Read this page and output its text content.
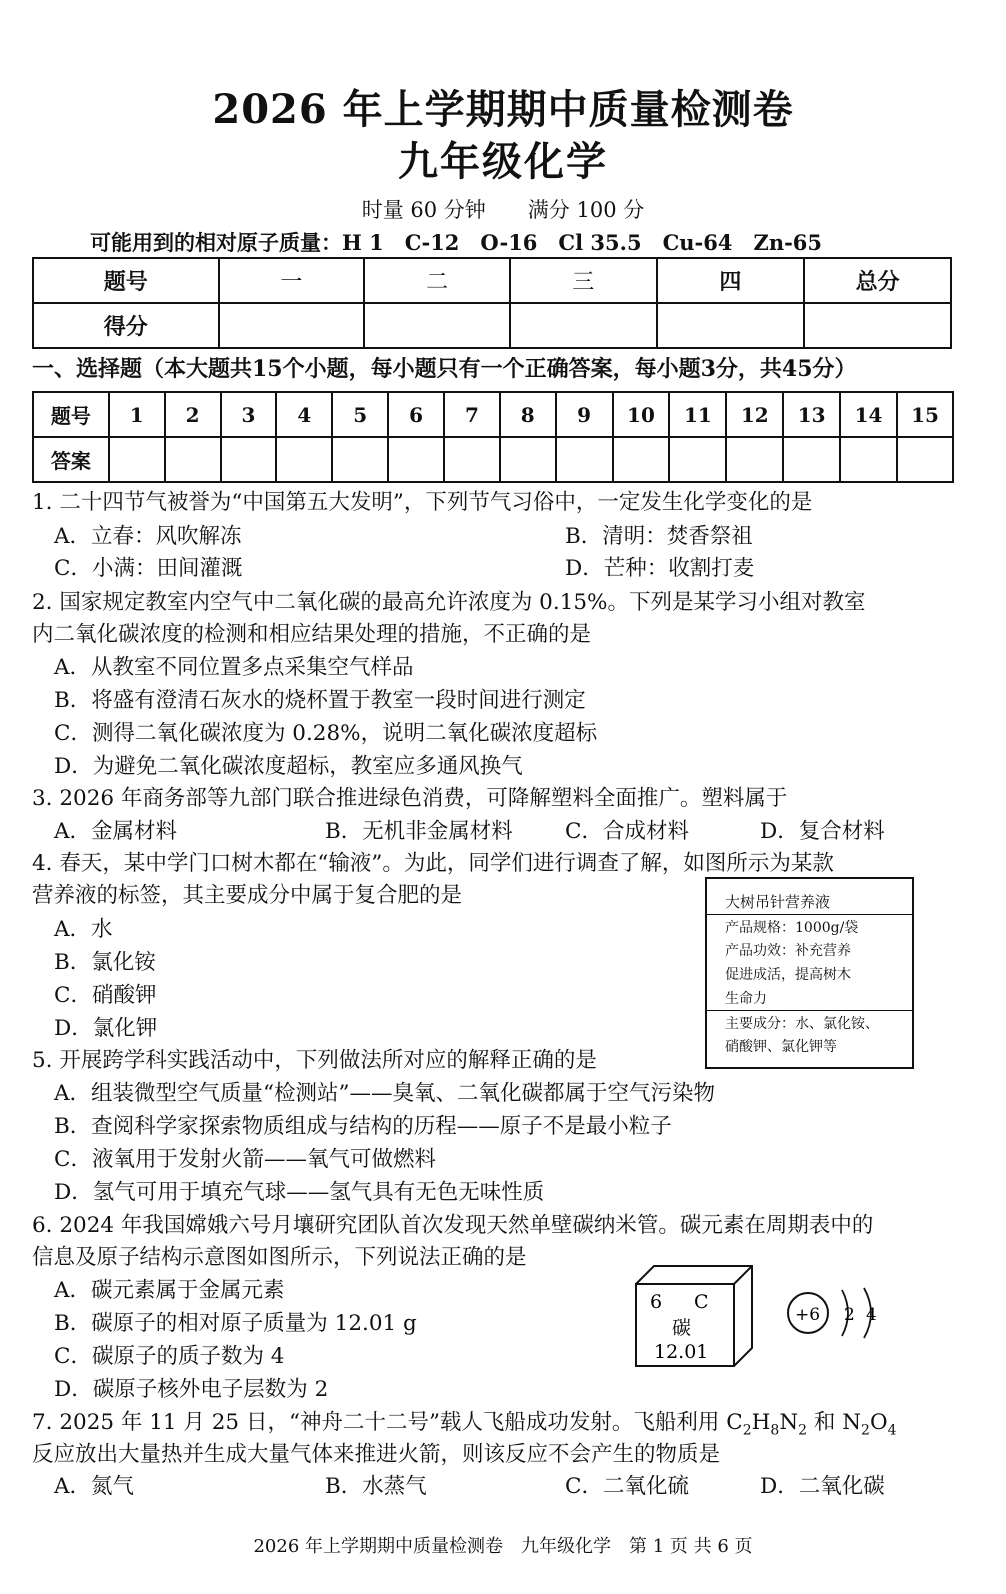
2026 年上学期期中质量检测卷
九年级化学
时量 60 分钟　　满分 100 分
可能用到的相对原子质量：H 1　C-12　O-16　Cl 35.5　Cu-64　Zn-65
题号	一	二	三	四	总分
得分					
一、选择题（本大题共15个小题，每小题只有一个正确答案，每小题3分，共45分）
题号	1	2	3	4	5	6	7	8	9	10	11	12	13	14	15
答案															
1. 二十四节气被誉为“中国第五大发明”，下列节气习俗中，一定发生化学变化的是
A．立春：风吹解冻	B．清明：焚香祭祖
C．小满：田间灌溉	D．芒种：收割打麦
2. 国家规定教室内空气中二氧化碳的最高允许浓度为 0.15%。下列是某学习小组对教室
内二氧化碳浓度的检测和相应结果处理的措施，不正确的是
A．从教室不同位置多点采集空气样品
B．将盛有澄清石灰水的烧杯置于教室一段时间进行测定
C．测得二氧化碳浓度为 0.28%，说明二氧化碳浓度超标
D．为避免二氧化碳浓度超标，教室应多通风换气
3. 2026 年商务部等九部门联合推进绿色消费，可降解塑料全面推广。塑料属于
A．金属材料	B．无机非金属材料 C．合成材料	D．复合材料
4. 春天，某中学门口树木都在“输液”。为此，同学们进行调查了解，如图所示为某款
营养液的标签，其主要成分中属于复合肥的是
A．水
B．氯化铵
C．硝酸钾
D．氯化钾
大树吊针营养液
产品规格：1000g/袋
产品功效：补充营养
促进成活，提高树木
生命力
主要成分：水、氯化铵、
硝酸钾、氯化钾等
5. 开展跨学科实践活动中，下列做法所对应的解释正确的是
A．组装微型空气质量“检测站”——臭氧、二氧化碳都属于空气污染物
B．查阅科学家探索物质组成与结构的历程——原子不是最小粒子
C．液氧用于发射火箭——氧气可做燃料
D．氢气可用于填充气球——氢气具有无色无味性质
6. 2024 年我国嫦娥六号月壤研究团队首次发现天然单壁碳纳米管。碳元素在周期表中的
信息及原子结构示意图如图所示，下列说法正确的是
A．碳元素属于金属元素
B．碳原子的相对原子质量为 12.01 g
C．碳原子的质子数为 4
D．碳原子核外电子层数为 2
6 C
碳
12.01
+6 2 4
7. 2025 年 11 月 25 日，“神舟二十二号”载人飞船成功发射。飞船利用 $C_2H_8N_2$ 和 $N_2O_4$
反应放出大量热并生成大量气体来推进火箭，则该反应不会产生的物质是
A．氮气	B．水蒸气	C．二氧化硫	D．二氧化碳
2026 年上学期期中质量检测卷　九年级化学　第 1 页 共 6 页
